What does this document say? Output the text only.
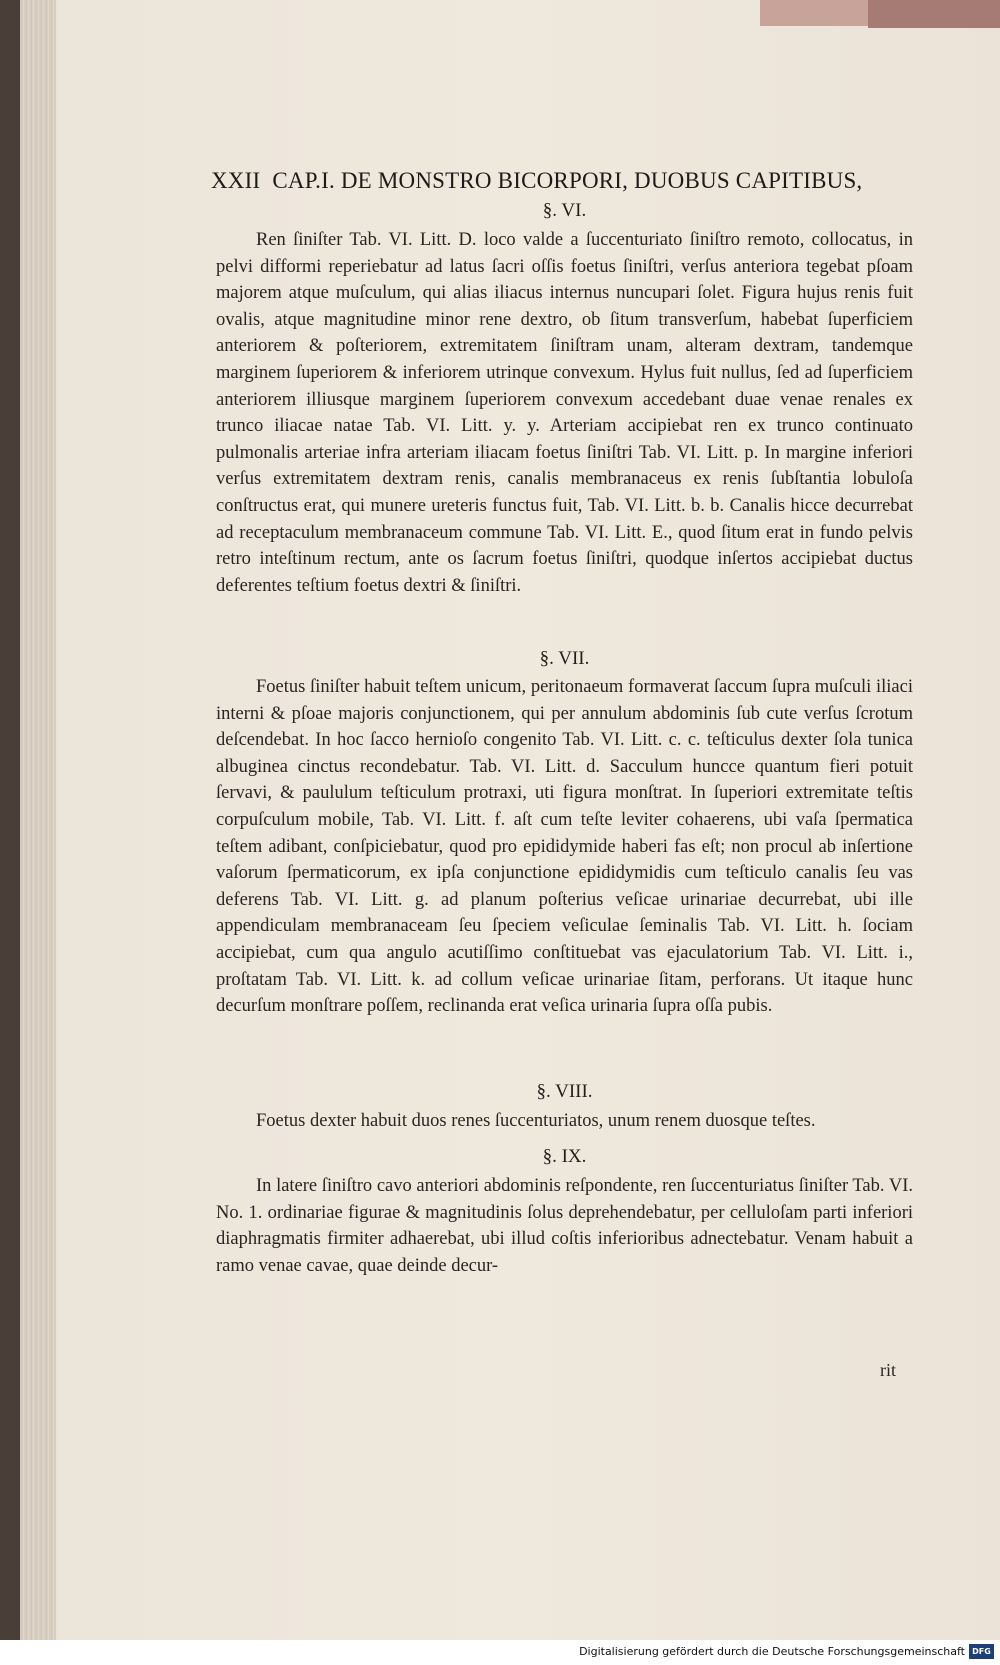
XXII CAP.I. DE MONSTRO BICORPORI, DUOBUS CAPITIBUS,
§. VI.

Ren ſiniſter Tab. VI. Litt. D. loco valde a ſuccenturiato ſiniſtro remoto, collocatus, in pelvi difformi reperiebatur ad latus ſacri oſſis foetus ſiniſtri, verſus anteriora tegebat pſoam majorem atque muſculum, qui alias iliacus internus nuncupari ſolet. Figura hujus renis fuit ovalis, atque magnitudine minor rene dextro, ob ſitum transverſum, habebat ſuperficiem anteriorem & poſteriorem, extremitatem ſiniſtram unam, alteram dextram, tandemque marginem ſuperiorem & inferiorem utrinque convexum. Hylus fuit nullus, ſed ad ſuperficiem anteriorem illiusque marginem ſuperiorem convexum accedebant duae venae renales ex trunco iliacae natae Tab. VI. Litt. y. y. Arteriam accipiebat ren ex trunco continuato pulmonalis arteriae infra arteriam iliacam foetus ſiniſtri Tab. VI. Litt. p. In margine inferiori verſus extremitatem dextram renis, canalis membranaceus ex renis ſubſtantia lobuloſa conſtructus erat, qui munere ureteris functus fuit, Tab. VI. Litt. b. b. Canalis hicce decurrebat ad receptaculum membranaceum commune Tab. VI. Litt. E., quod ſitum erat in fundo pelvis retro inteſtinum rectum, ante os ſacrum foetus ſiniſtri, quodque inſertos accipiebat ductus deferentes teſtium foetus dextri & ſiniſtri.

§. VII.

Foetus ſiniſter habuit teſtem unicum, peritonaeum formaverat ſaccum ſupra muſculi iliaci interni & pſoae majoris conjunctionem, qui per annulum abdominis ſub cute verſus ſcrotum deſcendebat. In hoc ſacco hernioſo congenito Tab. VI. Litt. c. c. teſticulus dexter ſola tunica albuginea cinctus recondebatur. Tab. VI. Litt. d. Sacculum huncce quantum fieri potuit ſervavi, & paululum teſticulum protraxi, uti figura monſtrat. In ſuperiori extremitate teſtis corpuſculum mobile, Tab. VI. Litt. f. aſt cum teſte leviter cohaerens, ubi vaſa ſpermatica teſtem adibant, conſpiciebatur, quod pro epididymide haberi fas eſt; non procul ab inſertione vaſorum ſpermaticorum, ex ipſa conjunctione epididymidis cum teſticulo canalis ſeu vas deferens Tab. VI. Litt. g. ad planum poſterius veſicae urinariae decurrebat, ubi ille appendiculam membranaceam ſeu ſpeciem veſiculae ſeminalis Tab. VI. Litt. h. ſociam accipiebat, cum qua angulo acutiſſimo conſtituebat vas ejaculatorium Tab. VI. Litt. i., proſtatam Tab. VI. Litt. k. ad collum veſicae urinariae ſitam, perforans. Ut itaque hunc decurſum monſtrare poſſem, reclinanda erat veſica urinaria ſupra oſſa pubis.

§. VIII.

Foetus dexter habuit duos renes ſuccenturiatos, unum renem duosque teſtes.

§. IX.

In latere ſiniſtro cavo anteriori abdominis reſpondente, ren ſuccenturiatus ſiniſter Tab. VI. No. 1. ordinariae figurae & magnitudinis ſolus deprehendebatur, per celluloſam parti inferiori diaphragmatis firmiter adhaerebat, ubi illud coſtis inferioribus adnectebatur. Venam habuit a ramo venae cavae, quae deinde decur-

rit
Digitalisierung gefördert durch die Deutsche Forschungsgemeinschaft DFG
